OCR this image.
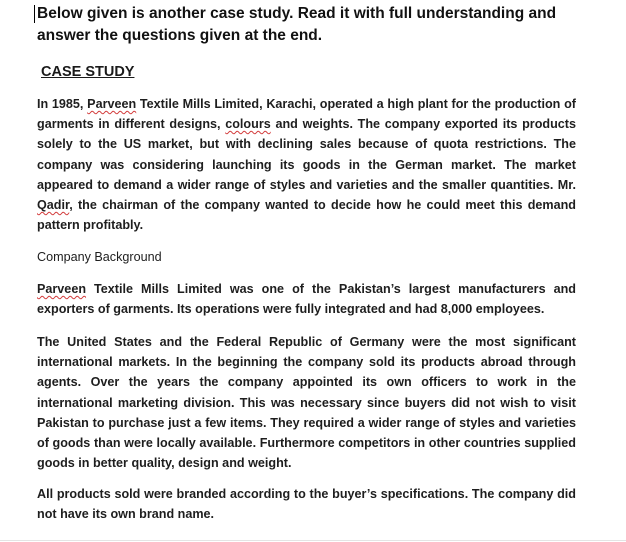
Below given is another case study. Read it with full understanding and answer the questions given at the end.
CASE STUDY

In 1985, Parveen Textile Mills Limited, Karachi, operated a high plant for the production of garments in different designs, colours and weights. The company exported its products solely to the US market, but with declining sales because of quota restrictions. The company was considering launching its goods in the German market. The market appeared to demand a wider range of styles and varieties and the smaller quantities. Mr. Qadir, the chairman of the company wanted to decide how he could meet this demand pattern profitably.

Company Background

Parveen Textile Mills Limited was one of the Pakistan’s largest manufacturers and exporters of garments. Its operations were fully integrated and had 8,000 employees.

The United States and the Federal Republic of Germany were the most significant international markets. In the beginning the company sold its products abroad through agents. Over the years the company appointed its own officers to work in the international marketing division. This was necessary since buyers did not wish to visit Pakistan to purchase just a few items. They required a wider range of styles and varieties of goods than were locally available. Furthermore competitors in other countries supplied goods in better quality, design and weight.

All products sold were branded according to the buyer’s specifications. The company did not have its own brand name.
